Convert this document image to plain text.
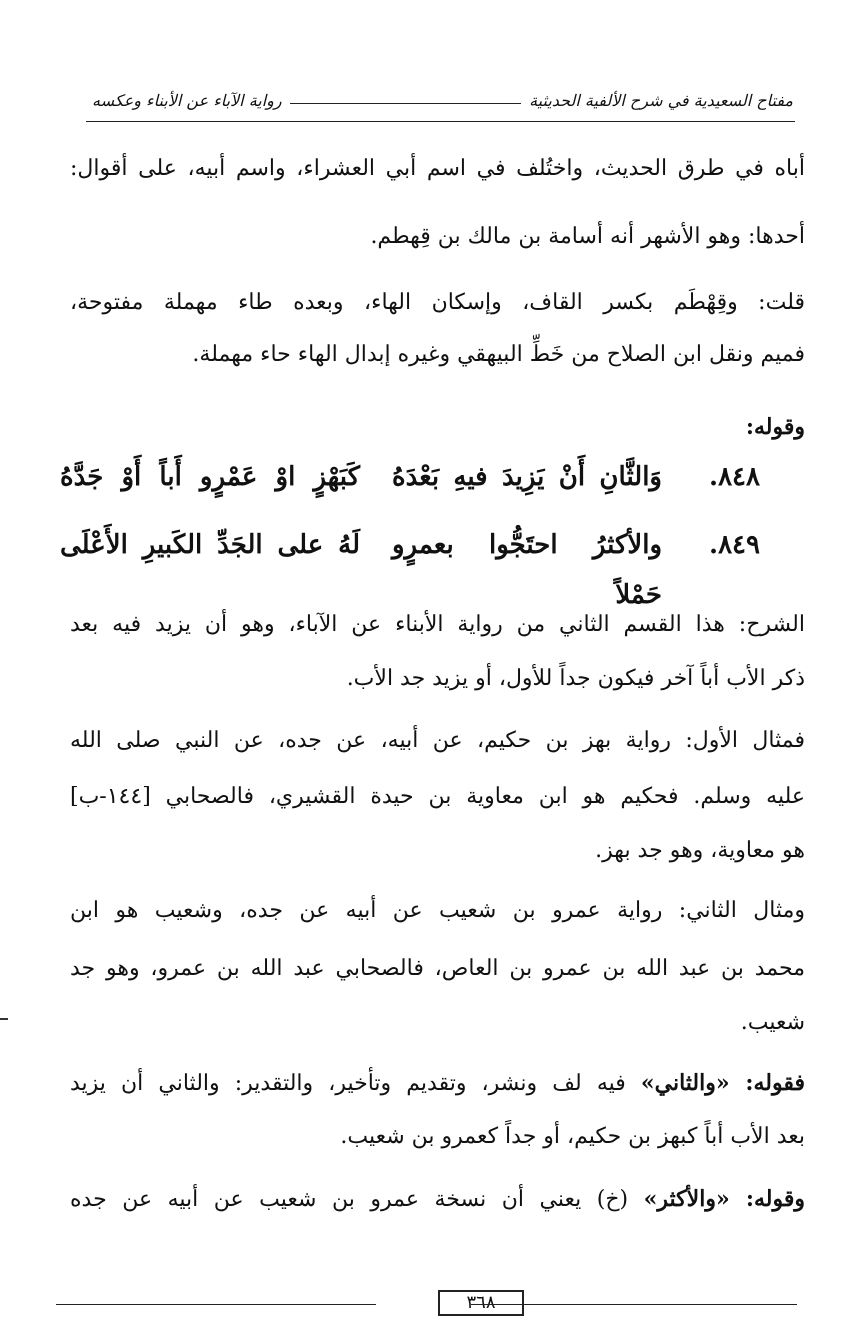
مفتاح السعيدية في شرح الألفية الحديثية
رواية الآباء عن الأبناء وعكسه
أباه في طرق الحديث، واختُلف في اسم أبي العشراء، واسم أبيه، على أقوال:
أحدها: وهو الأشهر أنه أسامة بن مالك بن قِهطم.
قلت: وقِهْطَم بكسر القاف، وإسكان الهاء، وبعده طاء مهملة مفتوحة،
فميم ونقل ابن الصلاح من خَطِّ البيهقي وغيره إبدال الهاء حاء مهملة.
وقوله:
٨٤٨.
وَالثَّانِ أَنْ يَزِيدَ فيهِ بَعْدَهُ
كَبَهْزٍ اوْ عَمْرٍو أَباً أَوْ جَدَّهُ
٨٤٩.
والأكثرُ احتَجُّوا بعمرٍو حَمْلاً
لَهُ على الجَدِّ الكَبيرِ الأَعْلَى
الشرح: هذا القسم الثاني من رواية الأبناء عن الآباء، وهو أن يزيد فيه بعد
ذكر الأب أباً آخر فيكون جداً للأول، أو يزيد جد الأب.
فمثال الأول: رواية بهز بن حكيم، عن أبيه، عن جده، عن النبي صلى الله
عليه وسلم. فحكيم هو ابن معاوية بن حيدة القشيري، فالصحابي [١٤٤-ب]
هو معاوية، وهو جد بهز.
ومثال الثاني: رواية عمرو بن شعيب عن أبيه عن جده، وشعيب هو ابن
محمد بن عبد الله بن عمرو بن العاص، فالصحابي عبد الله بن عمرو، وهو جد
شعيب.
فقوله: «والثاني» فيه لف ونشر، وتقديم وتأخير، والتقدير: والثاني أن يزيد
بعد الأب أباً كبهز بن حكيم، أو جداً كعمرو بن شعيب.
وقوله: «والأكثر» (خ) يعني أن نسخة عمرو بن شعيب عن أبيه عن جده
٣٦٨
